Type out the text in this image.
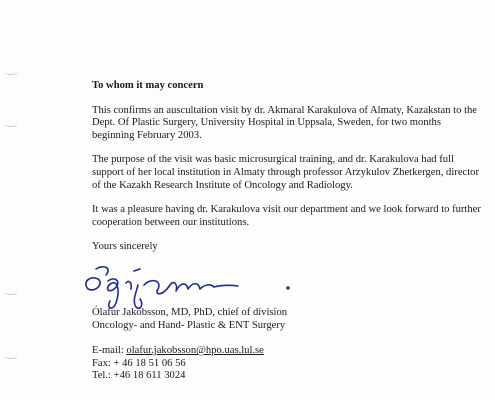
To whom it may concern

This confirms an auscultation visit by dr. Akmaral Karakulova of Almaty, Kazakstan to the Dept. Of Plastic Surgery, University Hospital in Uppsala, Sweden, for two months beginning February 2003.

The purpose of the visit was basic microsurgical training, and dr. Karakulova had full support of her local institution in Almaty through professor Arzykulov Zhetkergen, director of the Kazakh Research Institute of Oncology and Radiology.

It was a pleasure having dr. Karakulova visit our department and we look forward to further cooperation between our institutions.

Yours sincerely

Ólafur Jakobsson, MD, PhD, chief of division
Oncology- and Hand- Plastic & ENT Surgery
E-mail: olafur.jakobsson@hpo.uas.lul.se
Fax: + 46 18 51 06 56
Tel.: +46 18 611 3024
